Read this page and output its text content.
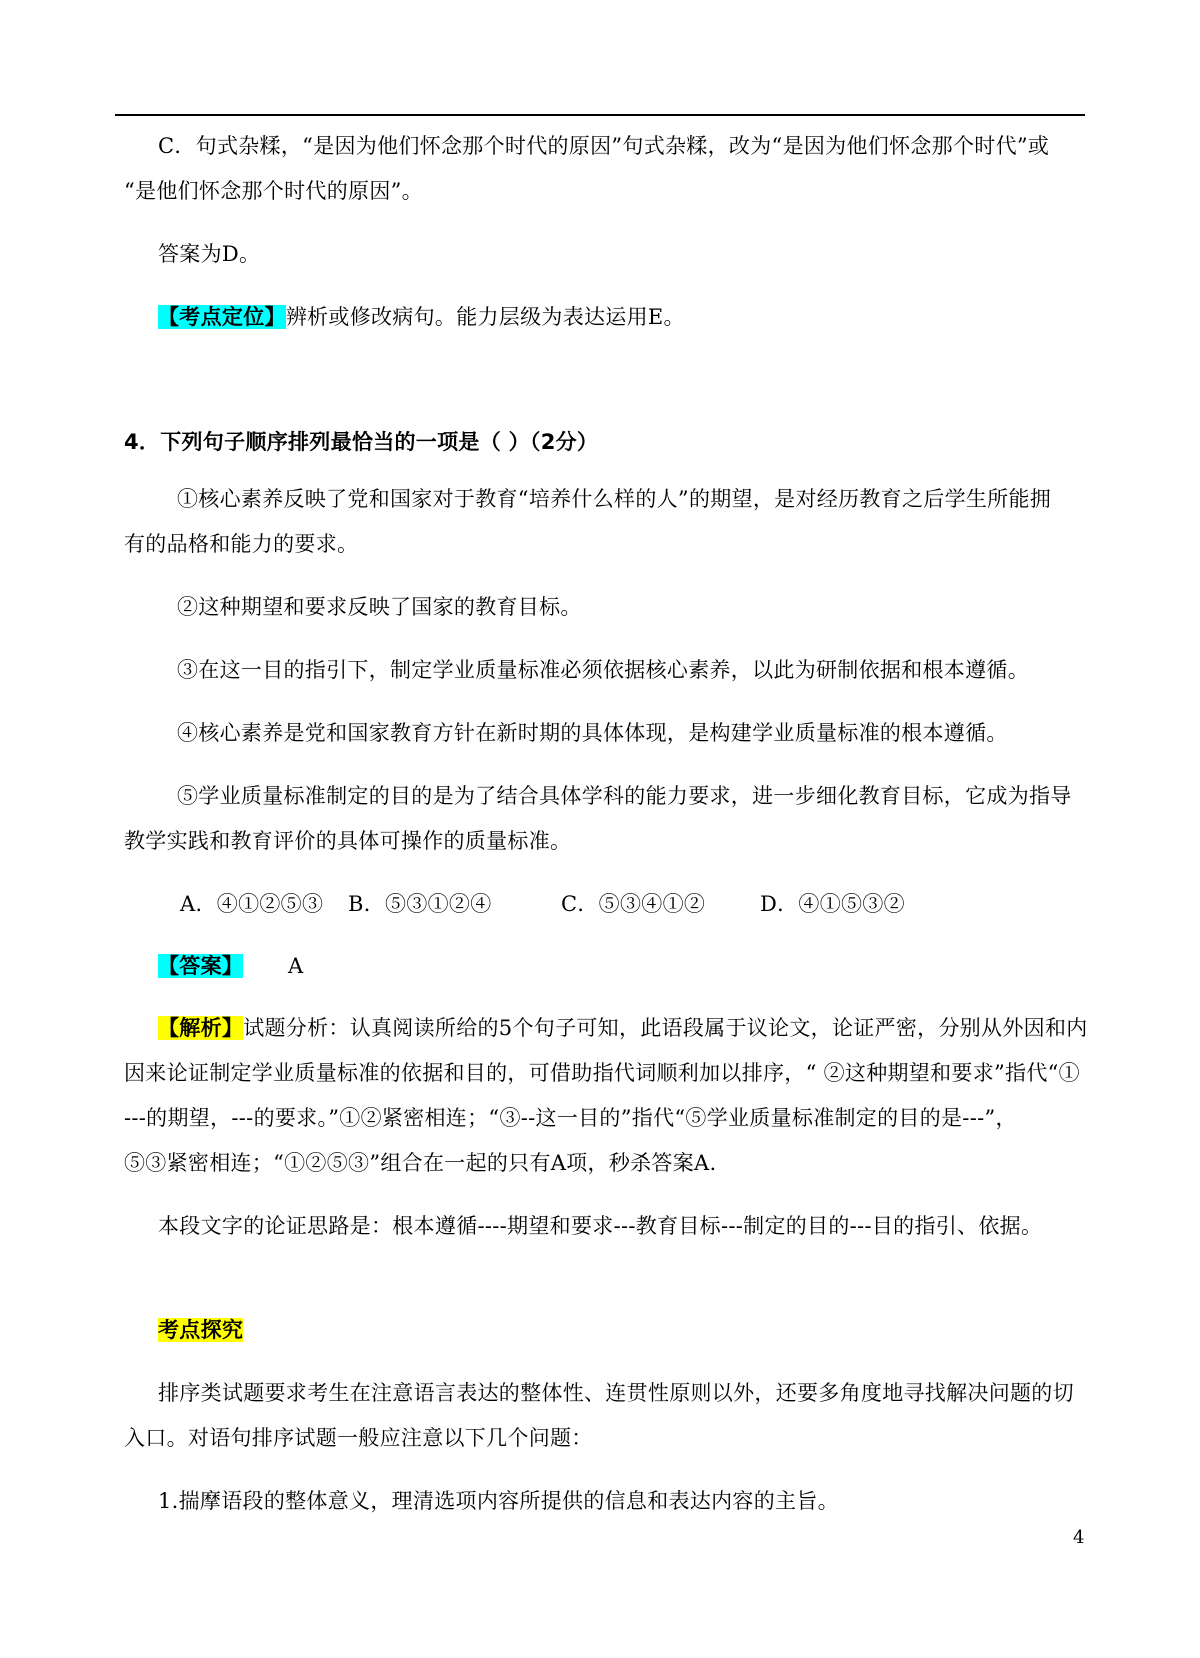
C．句式杂糅，“是因为他们怀念那个时代的原因”句式杂糅，改为“是因为他们怀念那个时代”或
“是他们怀念那个时代的原因”。
答案为D。
【考点定位】辨析或修改病句。能力层级为表达运用E。
4．下列句子顺序排列最恰当的一项是（ ）（2分）
①核心素养反映了党和国家对于教育“培养什么样的人”的期望，是对经历教育之后学生所能拥
有的品格和能力的要求。
②这种期望和要求反映了国家的教育目标。
③在这一目的指引下，制定学业质量标准必须依据核心素养，以此为研制依据和根本遵循。
④核心素养是党和国家教育方针在新时期的具体体现，是构建学业质量标准的根本遵循。
⑤学业质量标准制定的目的是为了结合具体学科的能力要求，进一步细化教育目标，它成为指导
教学实践和教育评价的具体可操作的质量标准。
A．④①②⑤③ B．⑤③①②④	C．⑤③④①②	D．④①⑤③②
【答案】 A
【解析】试题分析：认真阅读所给的5个句子可知，此语段属于议论文，论证严密，分别从外因和内
因来论证制定学业质量标准的依据和目的，可借助指代词顺利加以排序，“ ②这种期望和要求”指代“①
---的期望，---的要求。”①②紧密相连；“③--这一目的”指代“⑤学业质量标准制定的目的是---”，
⑤③紧密相连；“①②⑤③”组合在一起的只有A项，秒杀答案A.
本段文字的论证思路是：根本遵循----期望和要求---教育目标---制定的目的---目的指引、依据。
考点探究
排序类试题要求考生在注意语言表达的整体性、连贯性原则以外，还要多角度地寻找解决问题的切
入口。对语句排序试题一般应注意以下几个问题：
1.揣摩语段的整体意义，理清选项内容所提供的信息和表达内容的主旨。
4
